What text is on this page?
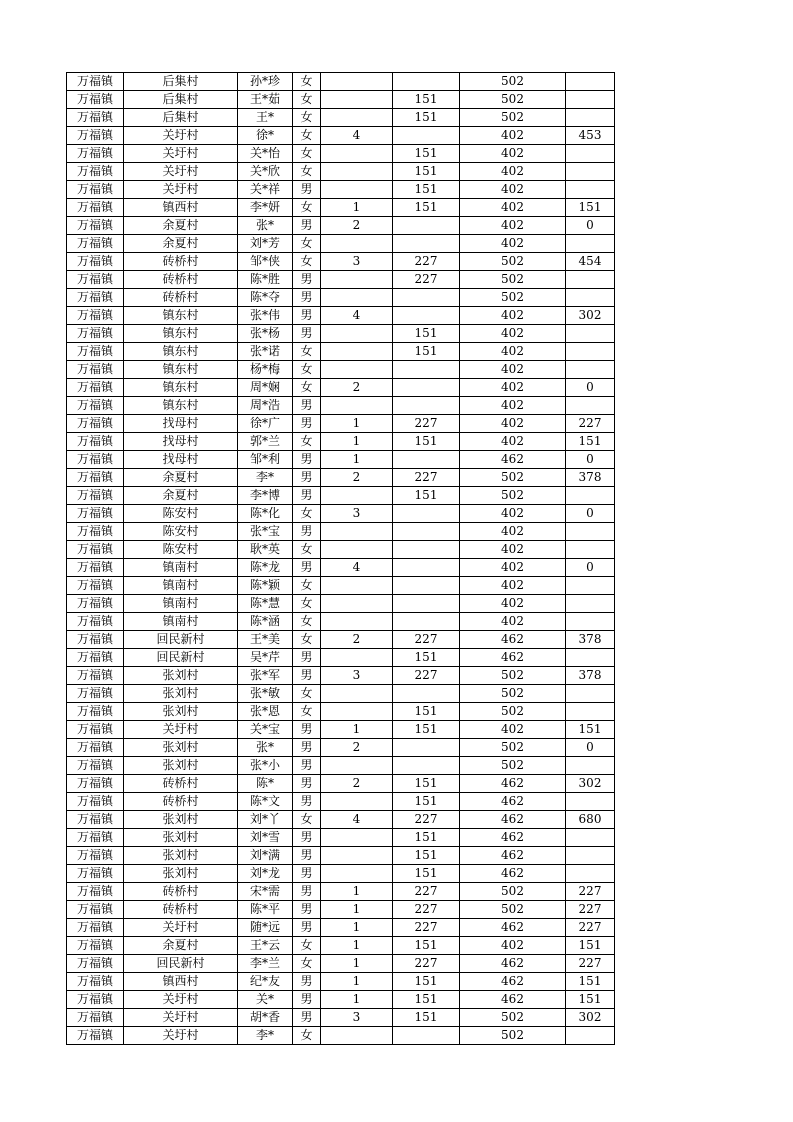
万福镇	后集村	孙*珍	女			502	
万福镇	后集村	王*茹	女		151	502	
万福镇	后集村	王*	女		151	502	
万福镇	关圩村	徐*	女	4		402	453
万福镇	关圩村	关*怡	女		151	402	
万福镇	关圩村	关*欣	女		151	402	
万福镇	关圩村	关*祥	男		151	402	
万福镇	镇西村	李*妍	女	1	151	402	151
万福镇	余夏村	张*	男	2		402	0
万福镇	余夏村	刘*芳	女			402	
万福镇	砖桥村	邹*侠	女	3	227	502	454
万福镇	砖桥村	陈*胜	男		227	502	
万福镇	砖桥村	陈*夺	男			502	
万福镇	镇东村	张*伟	男	4		402	302
万福镇	镇东村	张*杨	男		151	402	
万福镇	镇东村	张*诺	女		151	402	
万福镇	镇东村	杨*梅	女			402	
万福镇	镇东村	周*娴	女	2		402	0
万福镇	镇东村	周*浩	男			402	
万福镇	找母村	徐*广	男	1	227	402	227
万福镇	找母村	郭*兰	女	1	151	402	151
万福镇	找母村	邹*利	男	1		462	0
万福镇	余夏村	李*	男	2	227	502	378
万福镇	余夏村	李*博	男		151	502	
万福镇	陈安村	陈*化	女	3		402	0
万福镇	陈安村	张*宝	男			402	
万福镇	陈安村	耿*英	女			402	
万福镇	镇南村	陈*龙	男	4		402	0
万福镇	镇南村	陈*颖	女			402	
万福镇	镇南村	陈*慧	女			402	
万福镇	镇南村	陈*涵	女			402	
万福镇	回民新村	王*美	女	2	227	462	378
万福镇	回民新村	吴*芹	男		151	462	
万福镇	张刘村	张*军	男	3	227	502	378
万福镇	张刘村	张*敏	女			502	
万福镇	张刘村	张*恩	女		151	502	
万福镇	关圩村	关*宝	男	1	151	402	151
万福镇	张刘村	张*	男	2		502	0
万福镇	张刘村	张*小	男			502	
万福镇	砖桥村	陈*	男	2	151	462	302
万福镇	砖桥村	陈*文	男		151	462	
万福镇	张刘村	刘*丫	女	4	227	462	680
万福镇	张刘村	刘*雪	男		151	462	
万福镇	张刘村	刘*满	男		151	462	
万福镇	张刘村	刘*龙	男		151	462	
万福镇	砖桥村	宋*需	男	1	227	502	227
万福镇	砖桥村	陈*平	男	1	227	502	227
万福镇	关圩村	随*远	男	1	227	462	227
万福镇	余夏村	王*云	女	1	151	402	151
万福镇	回民新村	李*兰	女	1	227	462	227
万福镇	镇西村	纪*友	男	1	151	462	151
万福镇	关圩村	关*	男	1	151	462	151
万福镇	关圩村	胡*香	男	3	151	502	302
万福镇	关圩村	李*	女			502	
